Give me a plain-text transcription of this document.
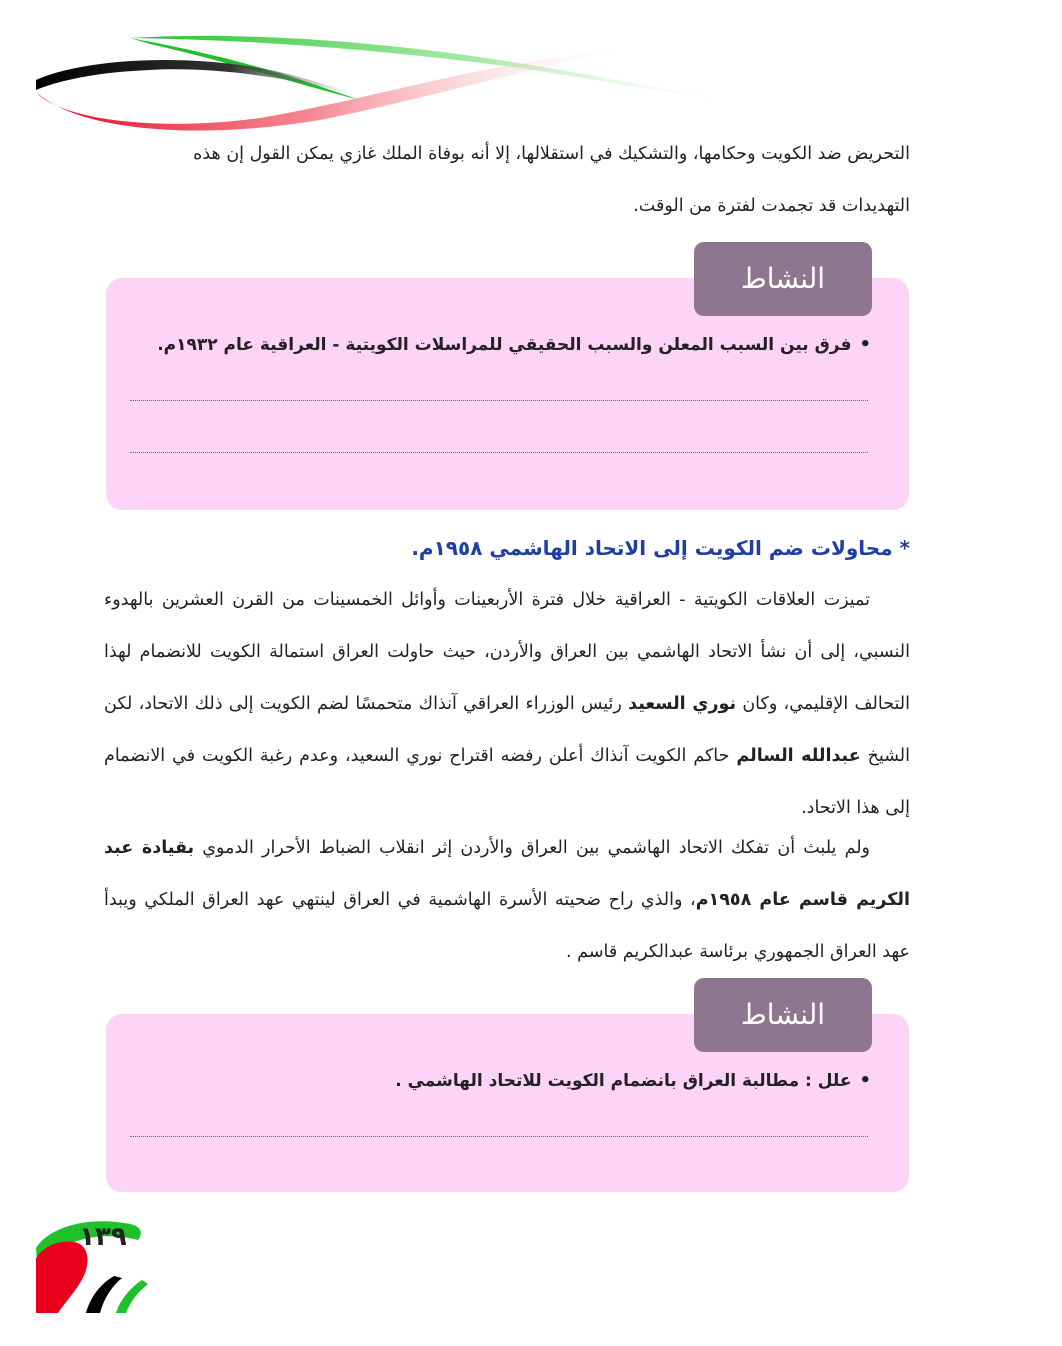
التحريض ضد الكويت وحكامها، والتشكيك في استقلالها، إلا أنه بوفاة الملك غازي يمكن القول إن هذه

التهديدات قد تجمدت لفترة من الوقت.

•فرق بين السبب المعلن والسبب الحقيقي للمراسلات الكويتية - العراقية عام ١٩٣٢م.
النشاط
* محاولات ضم الكويت إلى الاتحاد الهاشمي ١٩٥٨م.

تميزت العلاقات الكويتية - العراقية خلال فترة الأربعينات وأوائل الخمسينات من القرن العشرين بالهدوء النسبي، إلى أن نشأ الاتحاد الهاشمي بين العراق والأردن، حيث حاولت العراق استمالة الكويت للانضمام لهذا التحالف الإقليمي، وكان نوري السعيد رئيس الوزراء العراقي آنذاك متحمسًا لضم الكويت إلى ذلك الاتحاد، لكن الشيخ عبدالله السالم حاكم الكويت آنذاك أعلن رفضه اقتراح نوري السعيد، وعدم رغبة الكويت في الانضمام إلى هذا الاتحاد.

ولم يلبث أن تفكك الاتحاد الهاشمي بين العراق والأردن إثر انقلاب الضباط الأحرار الدموي بقيادة عبد الكريم قاسم عام ١٩٥٨م، والذي راح ضحيته الأسرة الهاشمية في العراق لينتهي عهد العراق الملكي ويبدأ عهد العراق الجمهوري برئاسة عبدالكريم قاسم .

•علل : مطالبة العراق بانضمام الكويت للاتحاد الهاشمي .
النشاط
١٣٩
